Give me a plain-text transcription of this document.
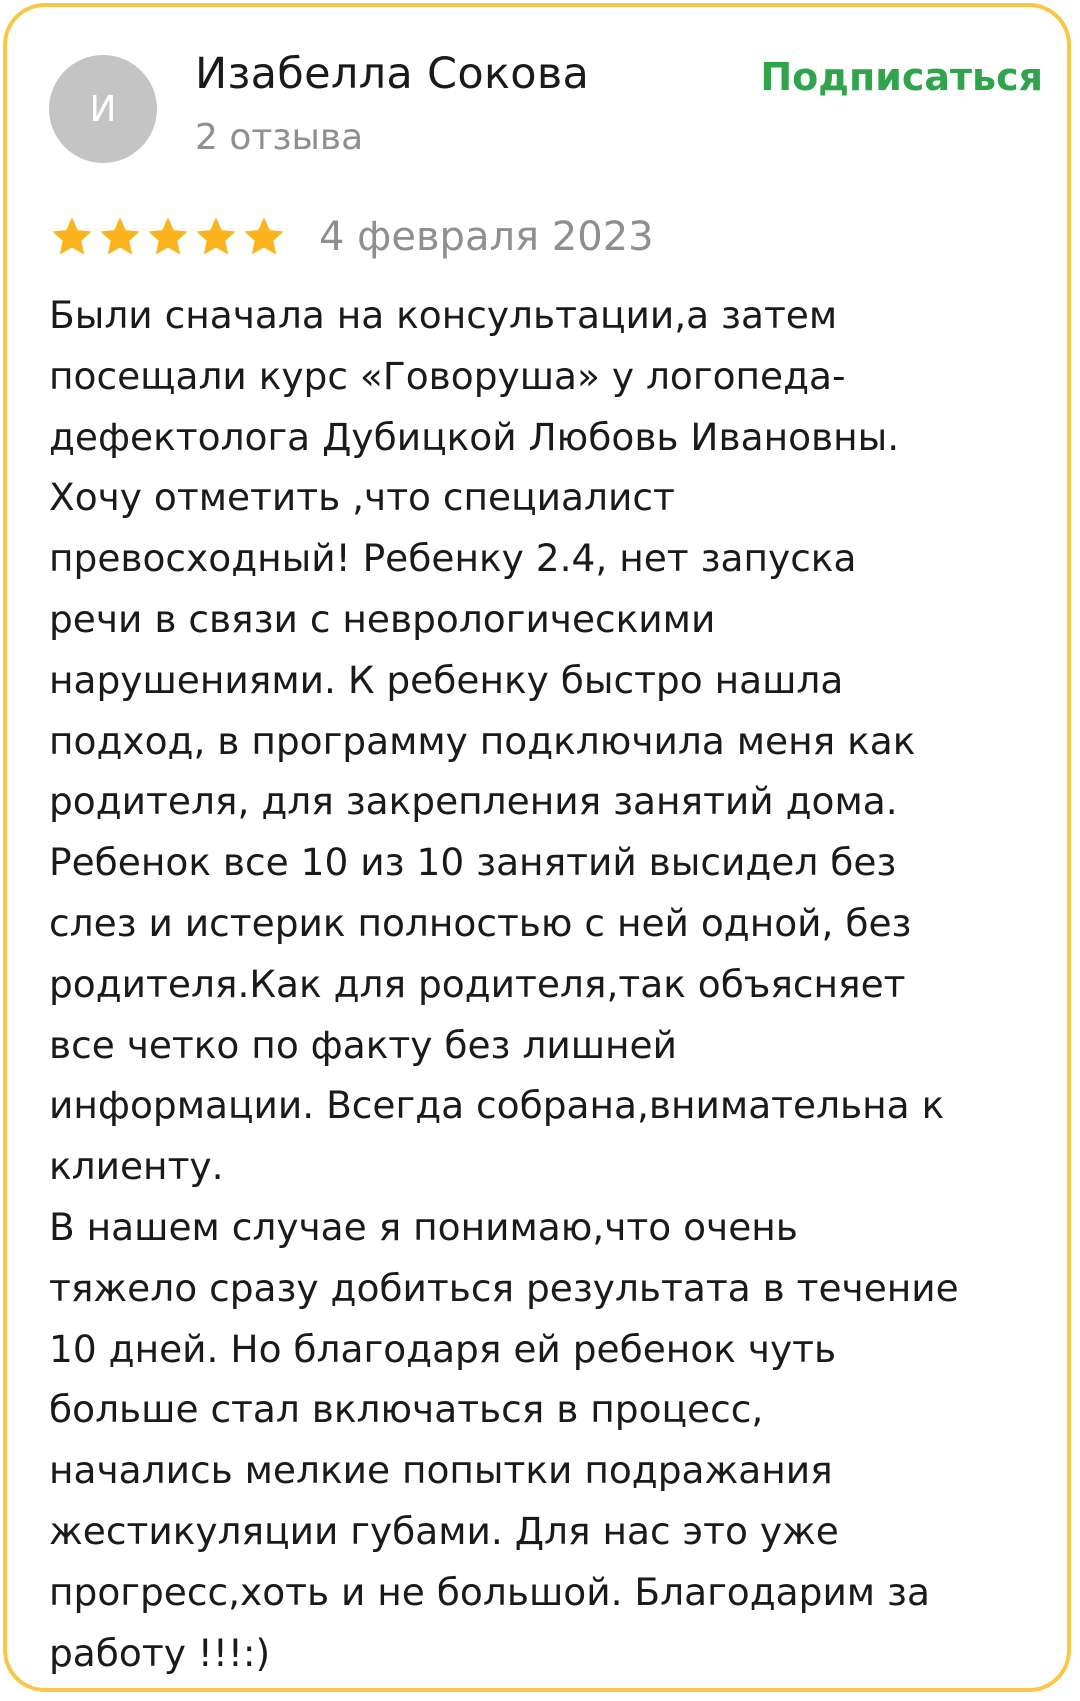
И
Изабелла Сокова
2 отзыва
Подписаться
4 февраля 2023

Были сначала на консультации,а затем
посещали курс «Говоруша» у логопеда-
дефектолога Дубицкой Любовь Ивановны.
Хочу отметить ,что специалист
превосходный! Ребенку 2.4, нет запуска
речи в связи с неврологическими
нарушениями. К ребенку быстро нашла
подход, в программу подключила меня как
родителя, для закрепления занятий дома.
Ребенок все 10 из 10 занятий высидел без
слез и истерик полностью с ней одной, без
родителя.Как для родителя,так объясняет
все четко по факту без лишней
информации. Всегда собрана,внимательна к
клиенту.
В нашем случае я понимаю,что очень
тяжело сразу добиться результата в течение
10 дней. Но благодаря ей ребенок чуть
больше стал включаться в процесс,
начались мелкие попытки подражания
жестикуляции губами. Для нас это уже
прогресс,хоть и не большой. Благодарим за
работу !!!:)
